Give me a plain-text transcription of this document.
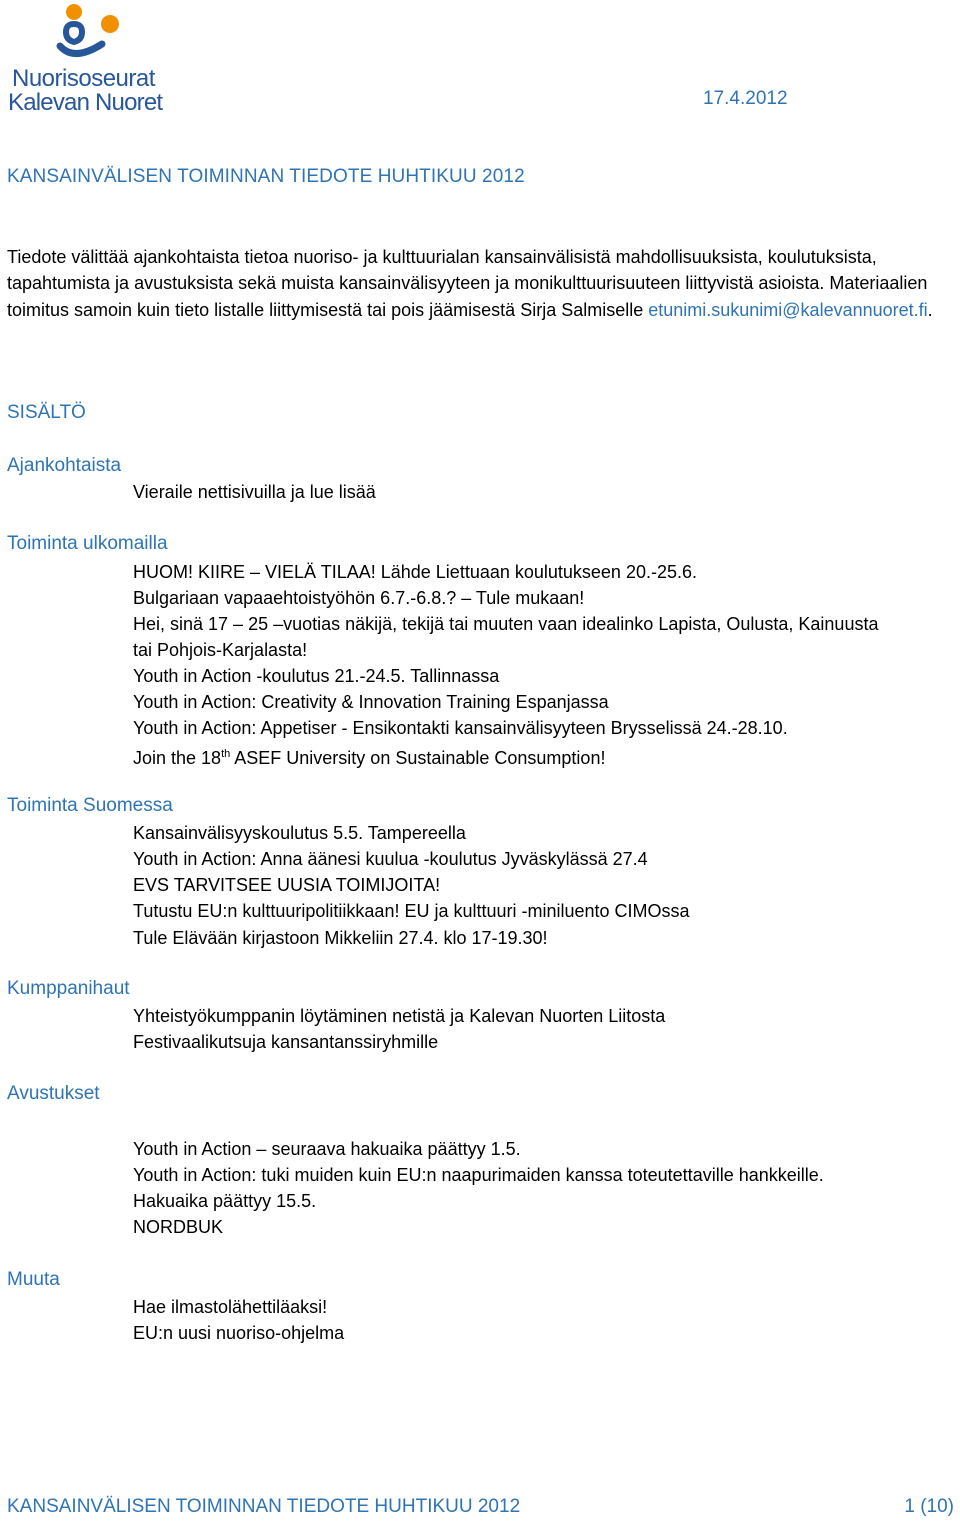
Nuorisoseurat
Kalevan Nuoret	17.4.2012
KANSAINVÄLISEN TOIMINNAN TIEDOTE HUHTIKUU 2012
Tiedote välittää ajankohtaista tietoa nuoriso- ja kulttuurialan kansainvälisistä mahdollisuuksista, koulutuksista, tapahtumista ja avustuksista sekä muista kansainvälisyyteen ja monikulttuurisuuteen liittyvistä asioista. Materiaalien toimitus samoin kuin tieto listalle liittymisestä tai pois jäämisestä Sirja Salmiselle etunimi.sukunimi@kalevannuoret.fi.
SISÄLTÖ
Ajankohtaista
Vieraile nettisivuilla ja lue lisää
Toiminta ulkomailla
HUOM! KIIRE – VIELÄ TILAA! Lähde Liettuaan koulutukseen 20.-25.6.
Bulgariaan vapaaehtoistyöhön 6.7.-6.8.? – Tule mukaan!
Hei, sinä 17 – 25 –vuotias näkijä, tekijä tai muuten vaan idealinko Lapista, Oulusta, Kainuusta
tai Pohjois-Karjalasta!
Youth in Action -koulutus 21.-24.5. Tallinnassa
Youth in Action: Creativity & Innovation Training Espanjassa
Youth in Action: Appetiser - Ensikontakti kansainvälisyyteen Brysselissä 24.-28.10.
Join the 18th ASEF University on Sustainable Consumption!
Toiminta Suomessa
Kansainvälisyyskoulutus 5.5. Tampereella
Youth in Action: Anna äänesi kuulua -koulutus Jyväskylässä 27.4
EVS TARVITSEE UUSIA TOIMIJOITA!
Tutustu EU:n kulttuuripolitiikkaan! EU ja kulttuuri -miniluento CIMOssa
Tule Elävään kirjastoon Mikkeliin 27.4. klo 17-19.30!
Kumppanihaut
Yhteistyökumppanin löytäminen netistä ja Kalevan Nuorten Liitosta
Festivaalikutsuja kansantanssiryhmille
Avustukset
Youth in Action – seuraava hakuaika päättyy 1.5.
Youth in Action: tuki muiden kuin EU:n naapurimaiden kanssa toteutettaville hankkeille.
Hakuaika päättyy 15.5.
NORDBUK
Muuta
Hae ilmastolähettiläaksi!
EU:n uusi nuoriso-ohjelma
KANSAINVÄLISEN TOIMINNAN TIEDOTE HUHTIKUU 2012	1 (10)
